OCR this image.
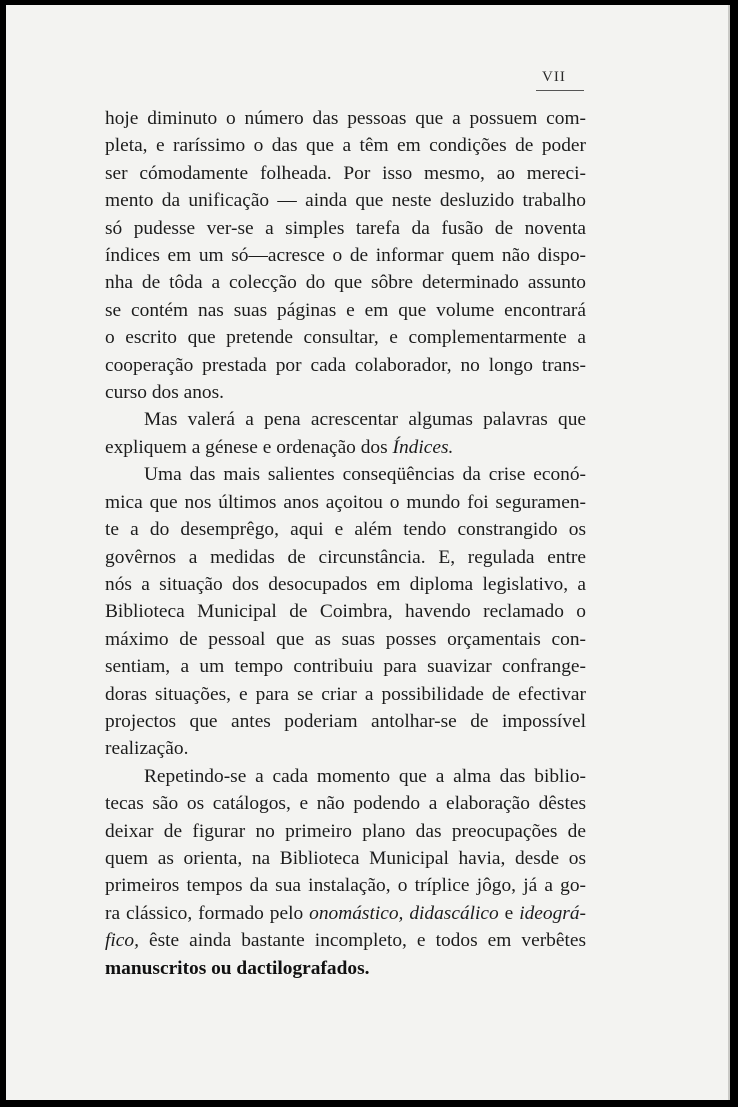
VII
hoje diminuto o número das pessoas que a possuem com-
pleta, e raríssimo o das que a têm em condições de poder
ser cómodamente folheada. Por isso mesmo, ao mereci-
mento da unificação — ainda que neste desluzido trabalho
só pudesse ver-se a simples tarefa da fusão de noventa
índices em um só—acresce o de informar quem não dispo-
nha de tôda a colecção do que sôbre determinado assunto
se contém nas suas páginas e em que volume encontrará
o escrito que pretende consultar, e complementarmente a
cooperação prestada por cada colaborador, no longo trans-
curso dos anos.
Mas valerá a pena acrescentar algumas palavras que
expliquem a génese e ordenação dos Índices.
Uma das mais salientes conseqüências da crise econó-
mica que nos últimos anos açoitou o mundo foi seguramen-
te a do desemprêgo, aqui e além tendo constrangido os
govêrnos a medidas de circunstância. E, regulada entre
nós a situação dos desocupados em diploma legislativo, a
Biblioteca Municipal de Coimbra, havendo reclamado o
máximo de pessoal que as suas posses orçamentais con-
sentiam, a um tempo contribuiu para suavizar confrange-
doras situações, e para se criar a possibilidade de efectivar
projectos que antes poderiam antolhar-se de impossível
realização.
Repetindo-se a cada momento que a alma das biblio-
tecas são os catálogos, e não podendo a elaboração dêstes
deixar de figurar no primeiro plano das preocupações de
quem as orienta, na Biblioteca Municipal havia, desde os
primeiros tempos da sua instalação, o tríplice jôgo, já a go-
ra clássico, formado pelo onomástico, didascálico e ideográ-
fico, êste ainda bastante incompleto, e todos em verbêtes
manuscritos ou dactilografados.
